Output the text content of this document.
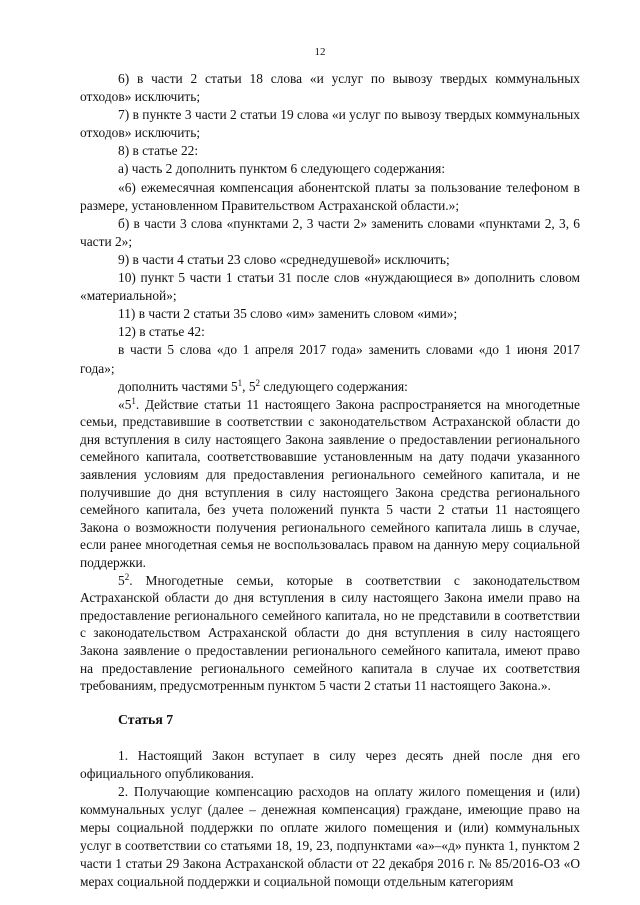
12

6) в части 2 статьи 18 слова «и услуг по вывозу твердых коммунальных отходов» исключить;

7) в пункте 3 части 2 статьи 19 слова «и услуг по вывозу твердых коммунальных отходов» исключить;

8) в статье 22:

а) часть 2 дополнить пунктом 6 следующего содержания:

«6) ежемесячная компенсация абонентской платы за пользование телефоном в размере, установленном Правительством Астраханской области.»;

б) в части 3 слова «пунктами 2, 3 части 2» заменить словами «пунктами 2, 3, 6 части 2»;

9) в части 4 статьи 23 слово «среднедушевой» исключить;

10) пункт 5 части 1 статьи 31 после слов «нуждающиеся в» дополнить словом «материальной»;

11) в части 2 статьи 35 слово «им» заменить словом «ими»;

12) в статье 42:

в части 5 слова «до 1 апреля 2017 года» заменить словами «до 1 июня 2017 года»;

дополнить частями $5^1$, $5^2$ следующего содержания:

«$5^1$. Действие статьи 11 настоящего Закона распространяется на многодетные семьи, представившие в соответствии с законодательством Астраханской области до дня вступления в силу настоящего Закона заявление о предоставлении регионального семейного капитала, соответствовавшие установленным на дату подачи указанного заявления условиям для предоставления регионального семейного капитала, и не получившие до дня вступления в силу настоящего Закона средства регионального семейного капитала, без учета положений пункта 5 части 2 статьи 11 настоящего Закона о возможности получения регионального семейного капитала лишь в случае, если ранее многодетная семья не воспользовалась правом на данную меру социальной поддержки.

$5^2$. Многодетные семьи, которые в соответствии с законодательством Астраханской области до дня вступления в силу настоящего Закона имели право на предоставление регионального семейного капитала, но не представили в соответствии с законодательством Астраханской области до дня вступления в силу настоящего Закона заявление о предоставлении регионального семейного капитала, имеют право на предоставление регионального семейного капитала в случае их соответствия требованиям, предусмотренным пунктом 5 части 2 статьи 11 настоящего Закона.».

Статья 7

1. Настоящий Закон вступает в силу через десять дней после дня его официального опубликования.

2. Получающие компенсацию расходов на оплату жилого помещения и (или) коммунальных услуг (далее – денежная компенсация) граждане, имеющие право на меры социальной поддержки по оплате жилого помещения и (или) коммунальных услуг в соответствии со статьями 18, 19, 23, подпунктами «а»–«д» пункта 1, пунктом 2 части 1 статьи 29 Закона Астраханской области от 22 декабря 2016 г. № 85/2016-ОЗ «О мерах социальной поддержки и социальной помощи отдельным категориям
